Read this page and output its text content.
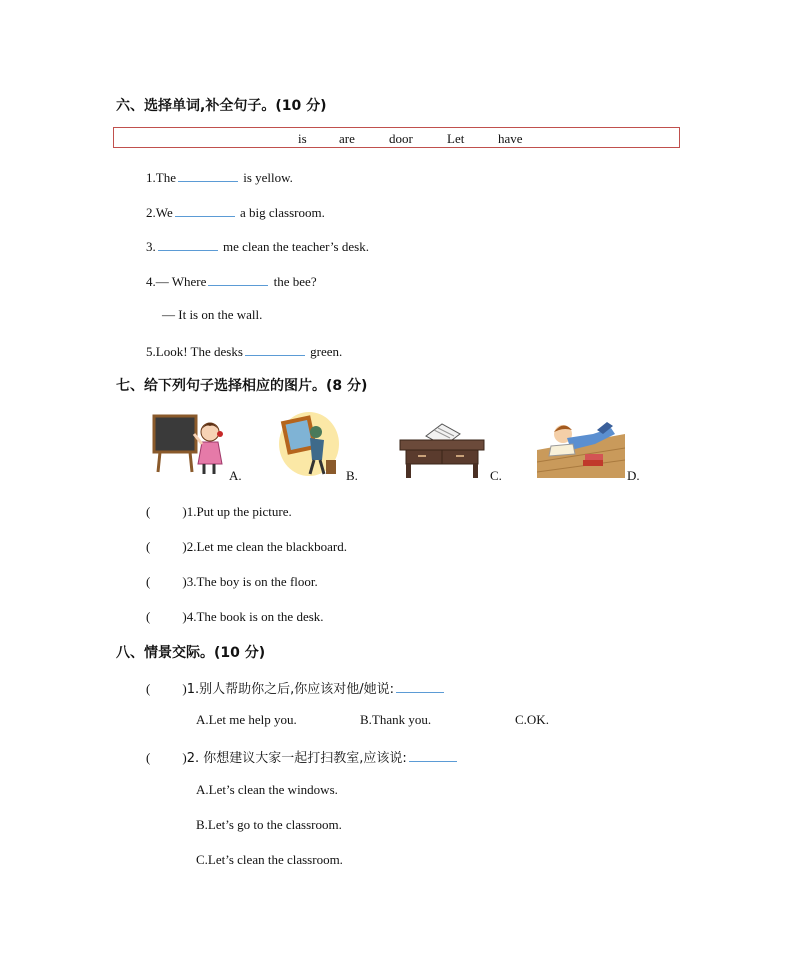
六、选择单词,补全句子。(10 分)
is are	door	Let	have
1.The	is yellow.
2.We	a big classroom.
3.	me clean the teacher’s desk.
4.— Where	the bee?
— It is on the wall.
5.Look! The desks	green.
七、给下列句子选择相应的图片。(8 分)
A.	B.	C.	D.
( )1.Put up the picture.
( )2.Let me clean the blackboard.
( )3.The boy is on the floor.
( )4.The book is on the desk.
八、情景交际。(10 分)
( )1.别人帮助你之后,你应该对他/她说:
A.Let me help you.	B.Thank you.	C.OK.
( )2. 你想建议大家一起打扫教室,应该说:
A.Let’s clean the windows.
B.Let’s go to the classroom.
C.Let’s clean the classroom.
